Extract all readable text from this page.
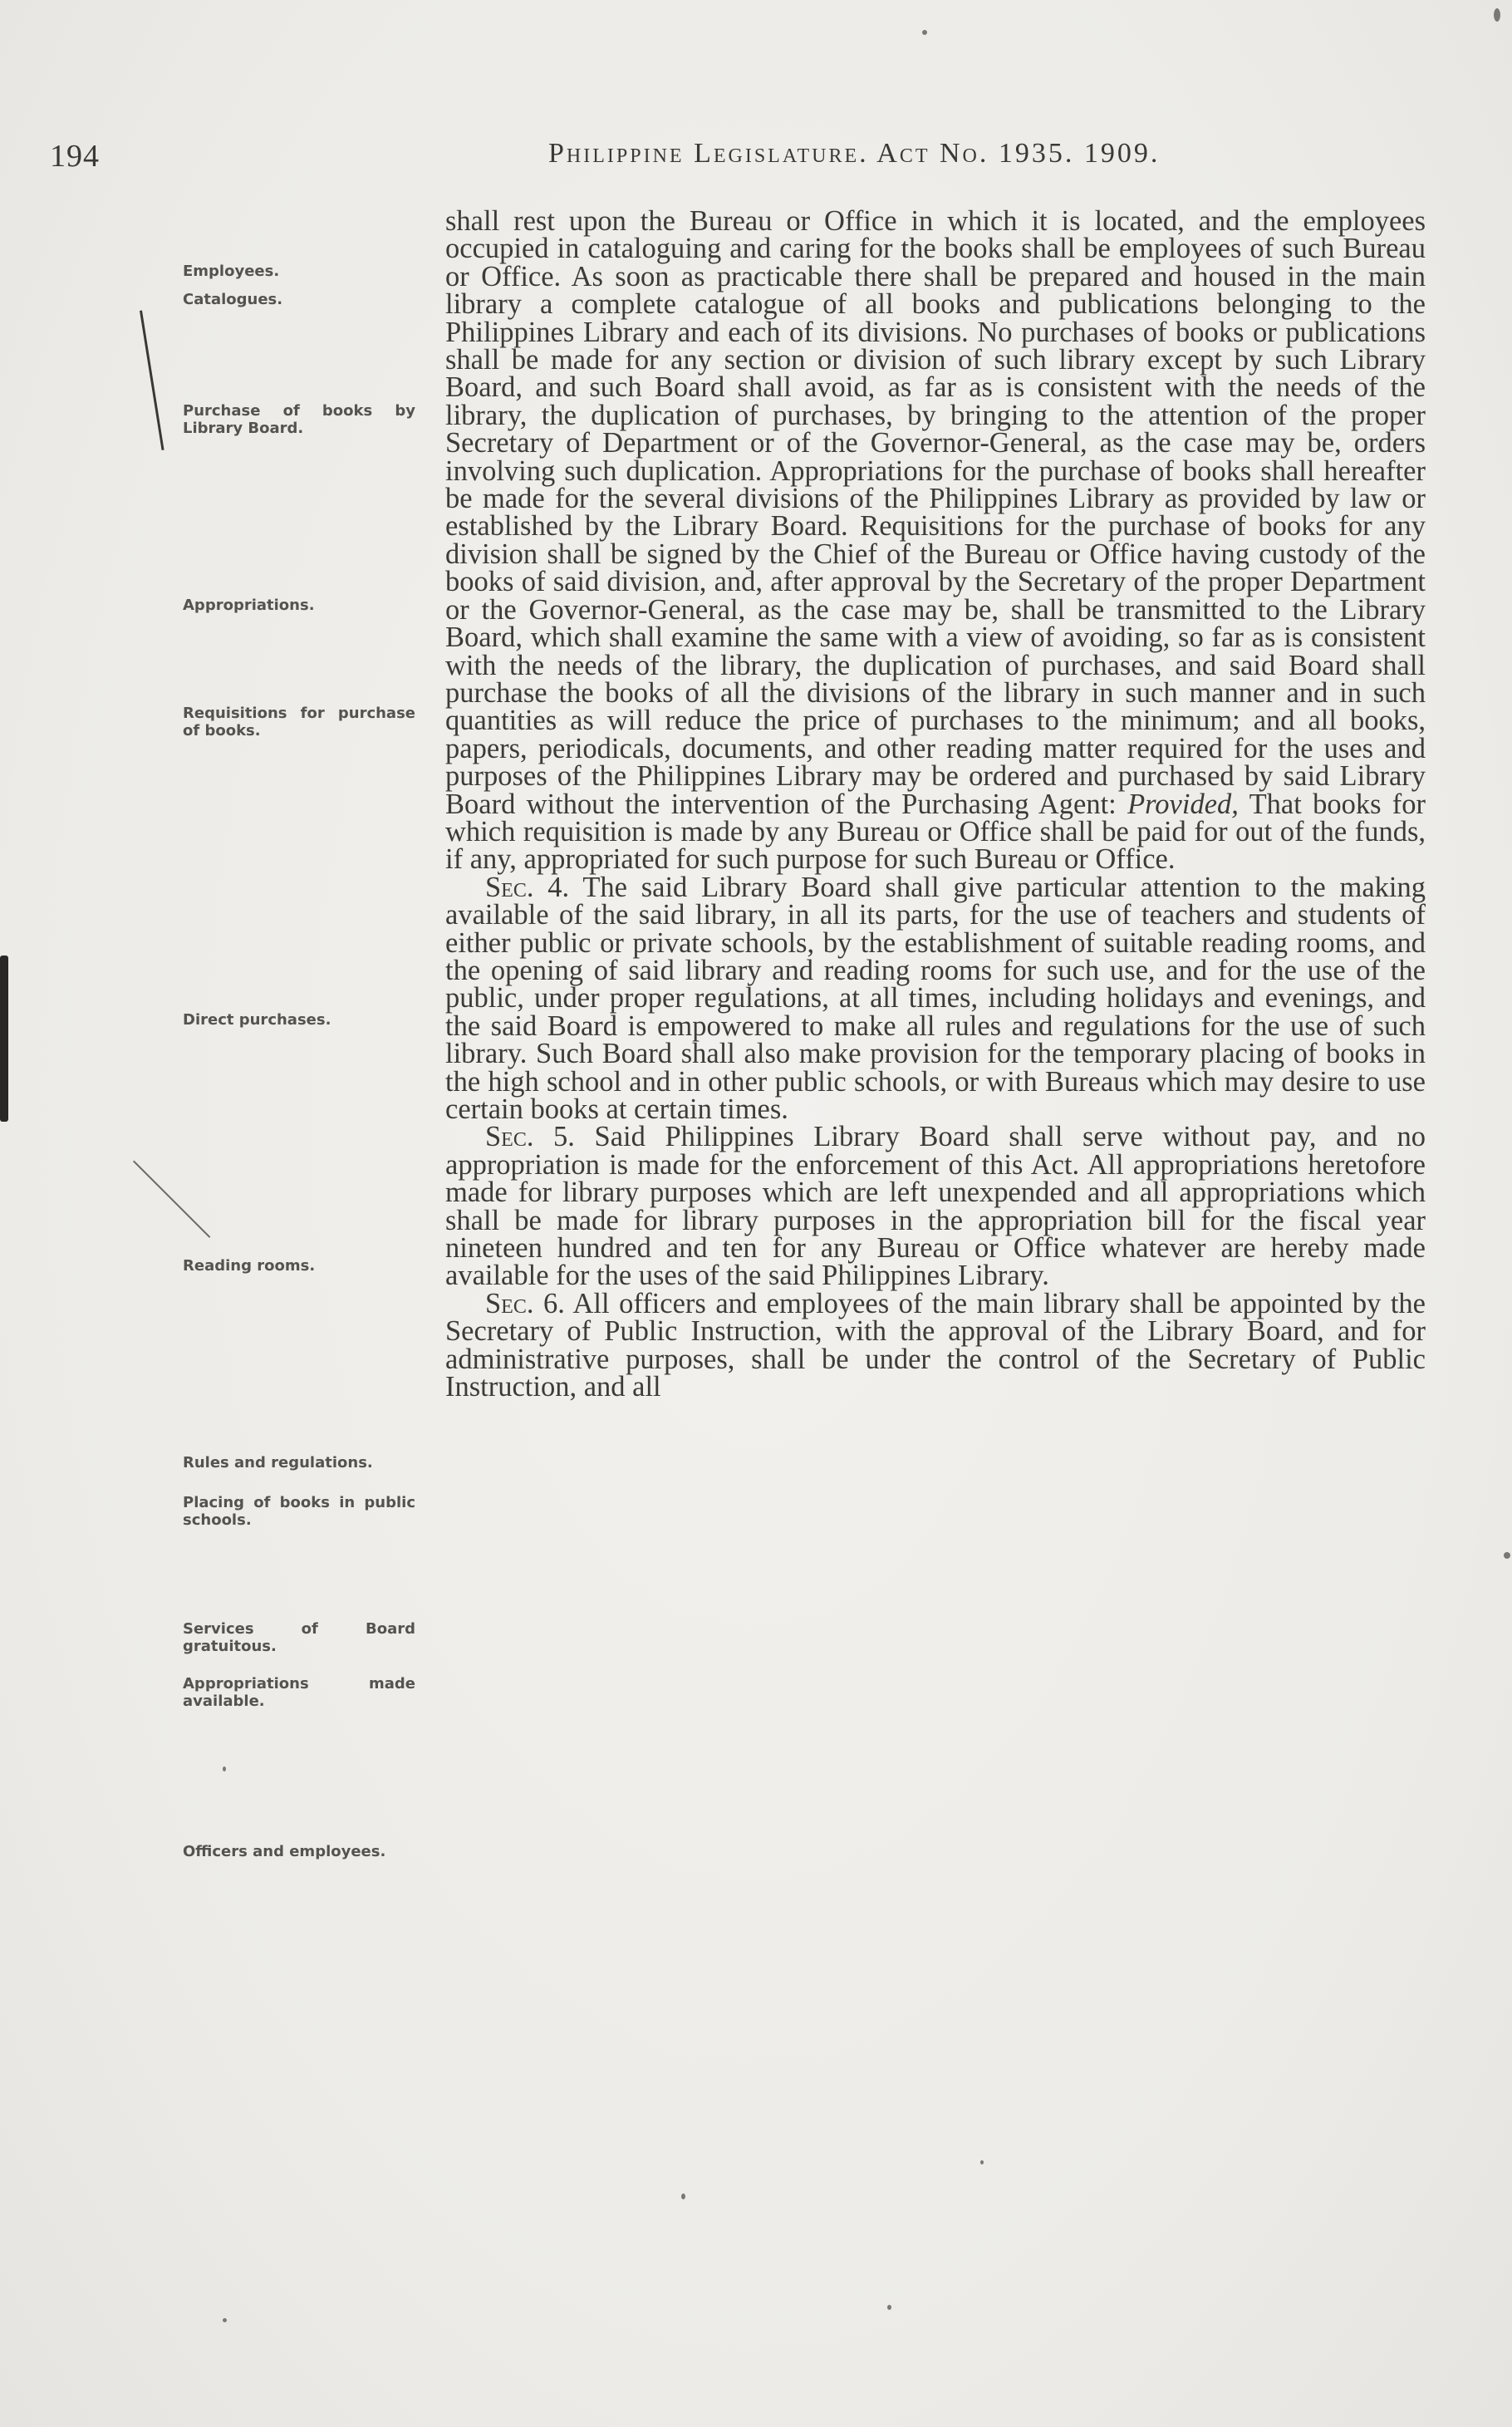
194	Philippine Legislature. Act No. 1935. 1909.
Employees.
Catalogues.
Purchase of books by Library Board.
Appropriations.
Requisitions for purchase of books.
Direct purchases.
Reading rooms.
Rules and regulations.
Placing of books in public schools.
Services of Board gratuitous.
Appropriations made available.
Officers and employees.

shall rest upon the Bureau or Office in which it is located, and the employees occupied in cataloguing and caring for the books shall be employees of such Bureau or Office. As soon as practicable there shall be prepared and housed in the main library a complete catalogue of all books and publications belonging to the Philippines Library and each of its divisions. No purchases of books or publications shall be made for any section or division of such library except by such Library Board, and such Board shall avoid, as far as is consistent with the needs of the library, the duplication of purchases, by bringing to the attention of the proper Secretary of Department or of the Governor-General, as the case may be, orders involving such duplication. Appropriations for the purchase of books shall hereafter be made for the several divisions of the Philippines Library as provided by law or established by the Library Board. Requisitions for the purchase of books for any division shall be signed by the Chief of the Bureau or Office having custody of the books of said division, and, after approval by the Secretary of the proper Department or the Governor-General, as the case may be, shall be transmitted to the Library Board, which shall examine the same with a view of avoiding, so far as is consistent with the needs of the library, the duplication of purchases, and said Board shall purchase the books of all the divisions of the library in such manner and in such quantities as will reduce the price of purchases to the minimum; and all books, papers, periodicals, documents, and other reading matter required for the uses and purposes of the Philippines Library may be ordered and purchased by said Library Board without the intervention of the Purchasing Agent: Provided, That books for which requisition is made by any Bureau or Office shall be paid for out of the funds, if any, appropriated for such purpose for such Bureau or Office.

Sec. 4. The said Library Board shall give particular attention to the making available of the said library, in all its parts, for the use of teachers and students of either public or private schools, by the establishment of suitable reading rooms, and the opening of said library and reading rooms for such use, and for the use of the public, under proper regulations, at all times, including holidays and evenings, and the said Board is empowered to make all rules and regulations for the use of such library. Such Board shall also make provision for the temporary placing of books in the high school and in other public schools, or with Bureaus which may desire to use certain books at certain times.

Sec. 5. Said Philippines Library Board shall serve without pay, and no appropriation is made for the enforcement of this Act. All appropriations heretofore made for library purposes which are left unexpended and all appropriations which shall be made for library purposes in the appropriation bill for the fiscal year nineteen hundred and ten for any Bureau or Office whatever are hereby made available for the uses of the said Philippines Library.

Sec. 6. All officers and employees of the main library shall be appointed by the Secretary of Public Instruction, with the approval of the Library Board, and for administrative purposes, shall be under the control of the Secretary of Public Instruction, and all
